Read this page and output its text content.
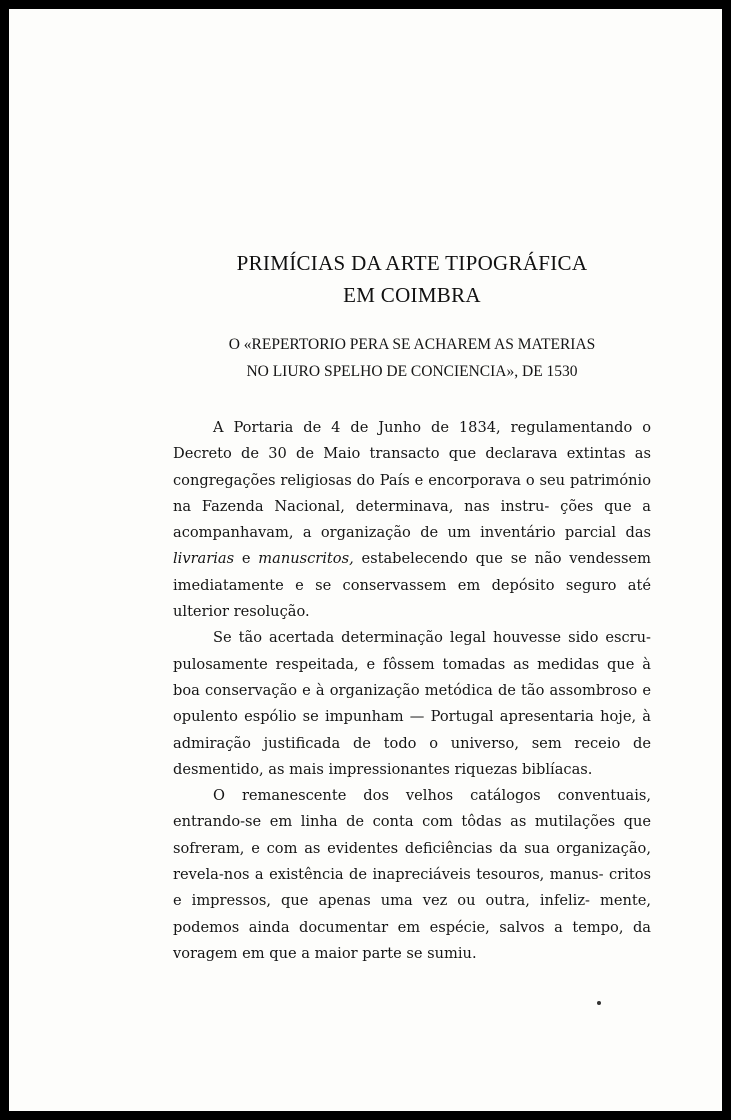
PRIMÍCIAS DA ARTE TIPOGRÁFICA
EM COIMBRA
O «REPERTORIO PERA SE ACHAREM AS MATERIAS
NO LIURO SPELHO DE CONCIENCIA», DE 1530

A Portaria de 4 de Junho de 1834, regulamentando o Decreto de 30 de Maio transacto que declarava extintas as congregações religiosas do País e encorporava o seu património na Fazenda Nacional, determinava, nas instru- ções que a acompanhavam, a organização de um inventário parcial das livrarias e manuscritos, estabelecendo que se não vendessem imediatamente e se conservassem em depósito seguro até ulterior resolução.

Se tão acertada determinação legal houvesse sido escru- pulosamente respeitada, e fôssem tomadas as medidas que à boa conservação e à organização metódica de tão assombroso e opulento espólio se impunham — Portugal apresentaria hoje, à admiração justificada de todo o universo, sem receio de desmentido, as mais impressionantes riquezas biblíacas.

O remanescente dos velhos catálogos conventuais, entrando-se em linha de conta com tôdas as mutilações que sofreram, e com as evidentes deficiências da sua organização, revela-nos a existência de inapreciáveis tesouros, manus- critos e impressos, que apenas uma vez ou outra, infeliz- mente, podemos ainda documentar em espécie, salvos a tempo, da voragem em que a maior parte se sumiu.
